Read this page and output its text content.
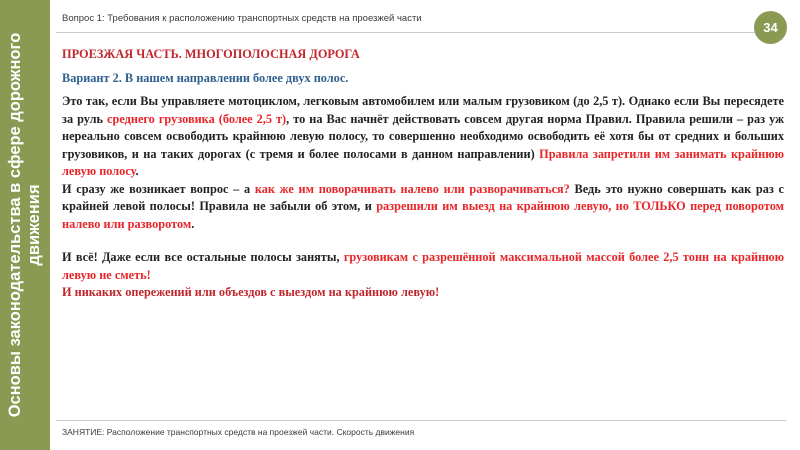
Основы законодательства в сфере дорожного движения
Вопрос 1: Требования к расположению транспортных средств на проезжей части
34

ПРОЕЗЖАЯ ЧАСТЬ. МНОГОПОЛОСНАЯ ДОРОГА

Вариант 2. В нашем направлении более двух полос.

Это так, если Вы управляете мотоциклом, легковым автомобилем или малым грузовиком (до 2,5 т). Однако если Вы пересядете за руль среднего грузовика (более 2,5 т), то на Вас начнёт действовать совсем другая норма Правил. Правила решили – раз уж нереально совсем освободить крайнюю левую полосу, то совершенно необходимо освободить её хотя бы от средних и больших грузовиков, и на таких дорогах (с тремя и более полосами в данном направлении) Правила запретили им занимать крайнюю левую полосу.

И сразу же возникает вопрос – а как же им поворачивать налево или разворачиваться? Ведь это нужно совершать как раз с крайней левой полосы! Правила не забыли об этом, и разрешили им выезд на крайнюю левую, но ТОЛЬКО перед поворотом налево или разворотом.

И всё! Даже если все остальные полосы заняты, грузовикам с разрешённой максимальной массой более 2,5 тонн на крайнюю левую не сметь!

И никаких опережений или объездов с выездом на крайнюю левую!

ЗАНЯТИЕ: Расположение транспортных средств на проезжей части. Скорость движения
